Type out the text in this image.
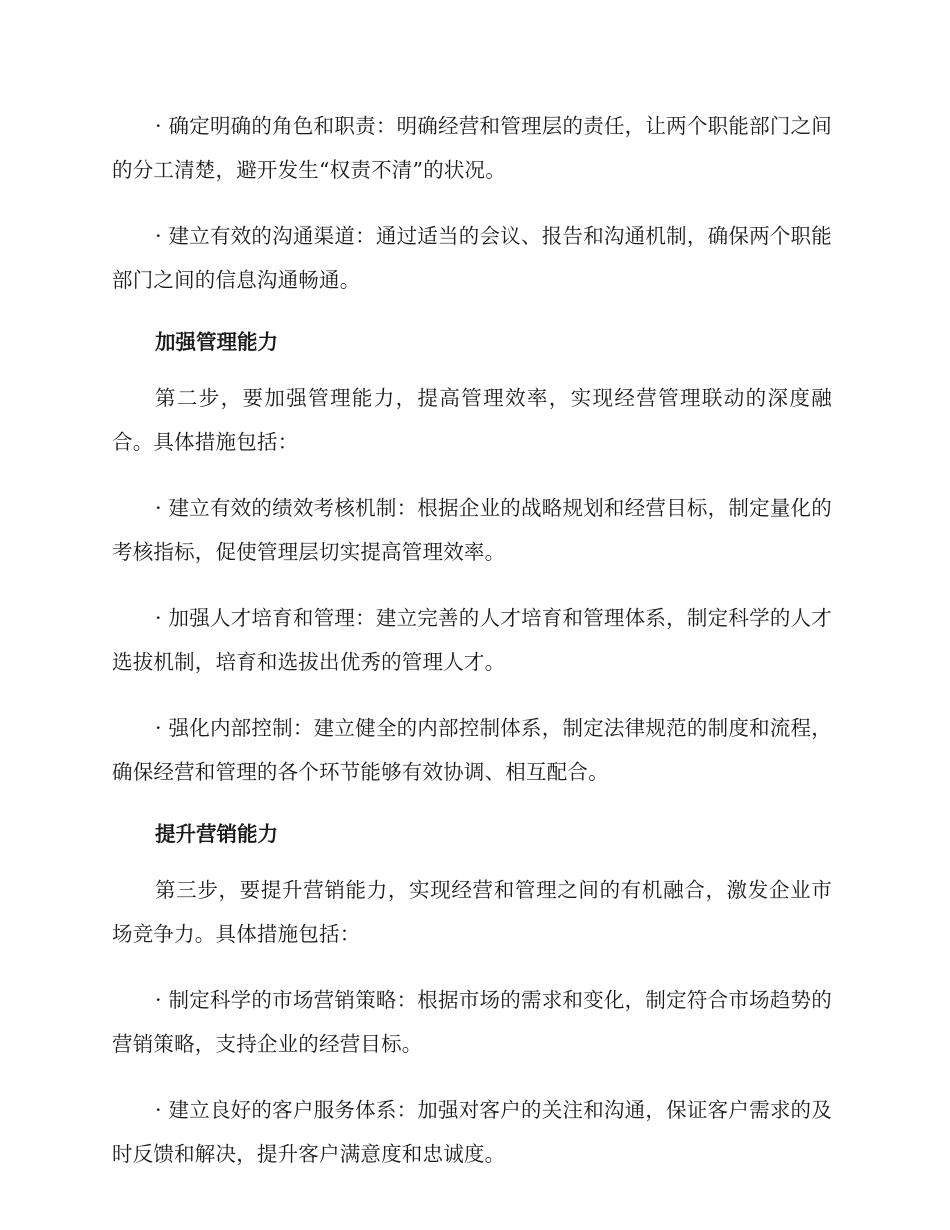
· 确定明确的角色和职责：明确经营和管理层的责任，让两个职能部门之间的分工清楚，避开发生“权责不清”的状况。

· 建立有效的沟通渠道：通过适当的会议、报告和沟通机制，确保两个职能部门之间的信息沟通畅通。

加强管理能力

第二步，要加强管理能力，提高管理效率，实现经营管理联动的深度融合。具体措施包括：

· 建立有效的绩效考核机制：根据企业的战略规划和经营目标，制定量化的考核指标，促使管理层切实提高管理效率。

· 加强人才培育和管理：建立完善的人才培育和管理体系，制定科学的人才选拔机制，培育和选拔出优秀的管理人才。

· 强化内部控制：建立健全的内部控制体系，制定法律规范的制度和流程，确保经营和管理的各个环节能够有效协调、相互配合。

提升营销能力

第三步，要提升营销能力，实现经营和管理之间的有机融合，激发企业市场竞争力。具体措施包括：

· 制定科学的市场营销策略：根据市场的需求和变化，制定符合市场趋势的营销策略，支持企业的经营目标。

· 建立良好的客户服务体系：加强对客户的关注和沟通，保证客户需求的及时反馈和解决，提升客户满意度和忠诚度。
